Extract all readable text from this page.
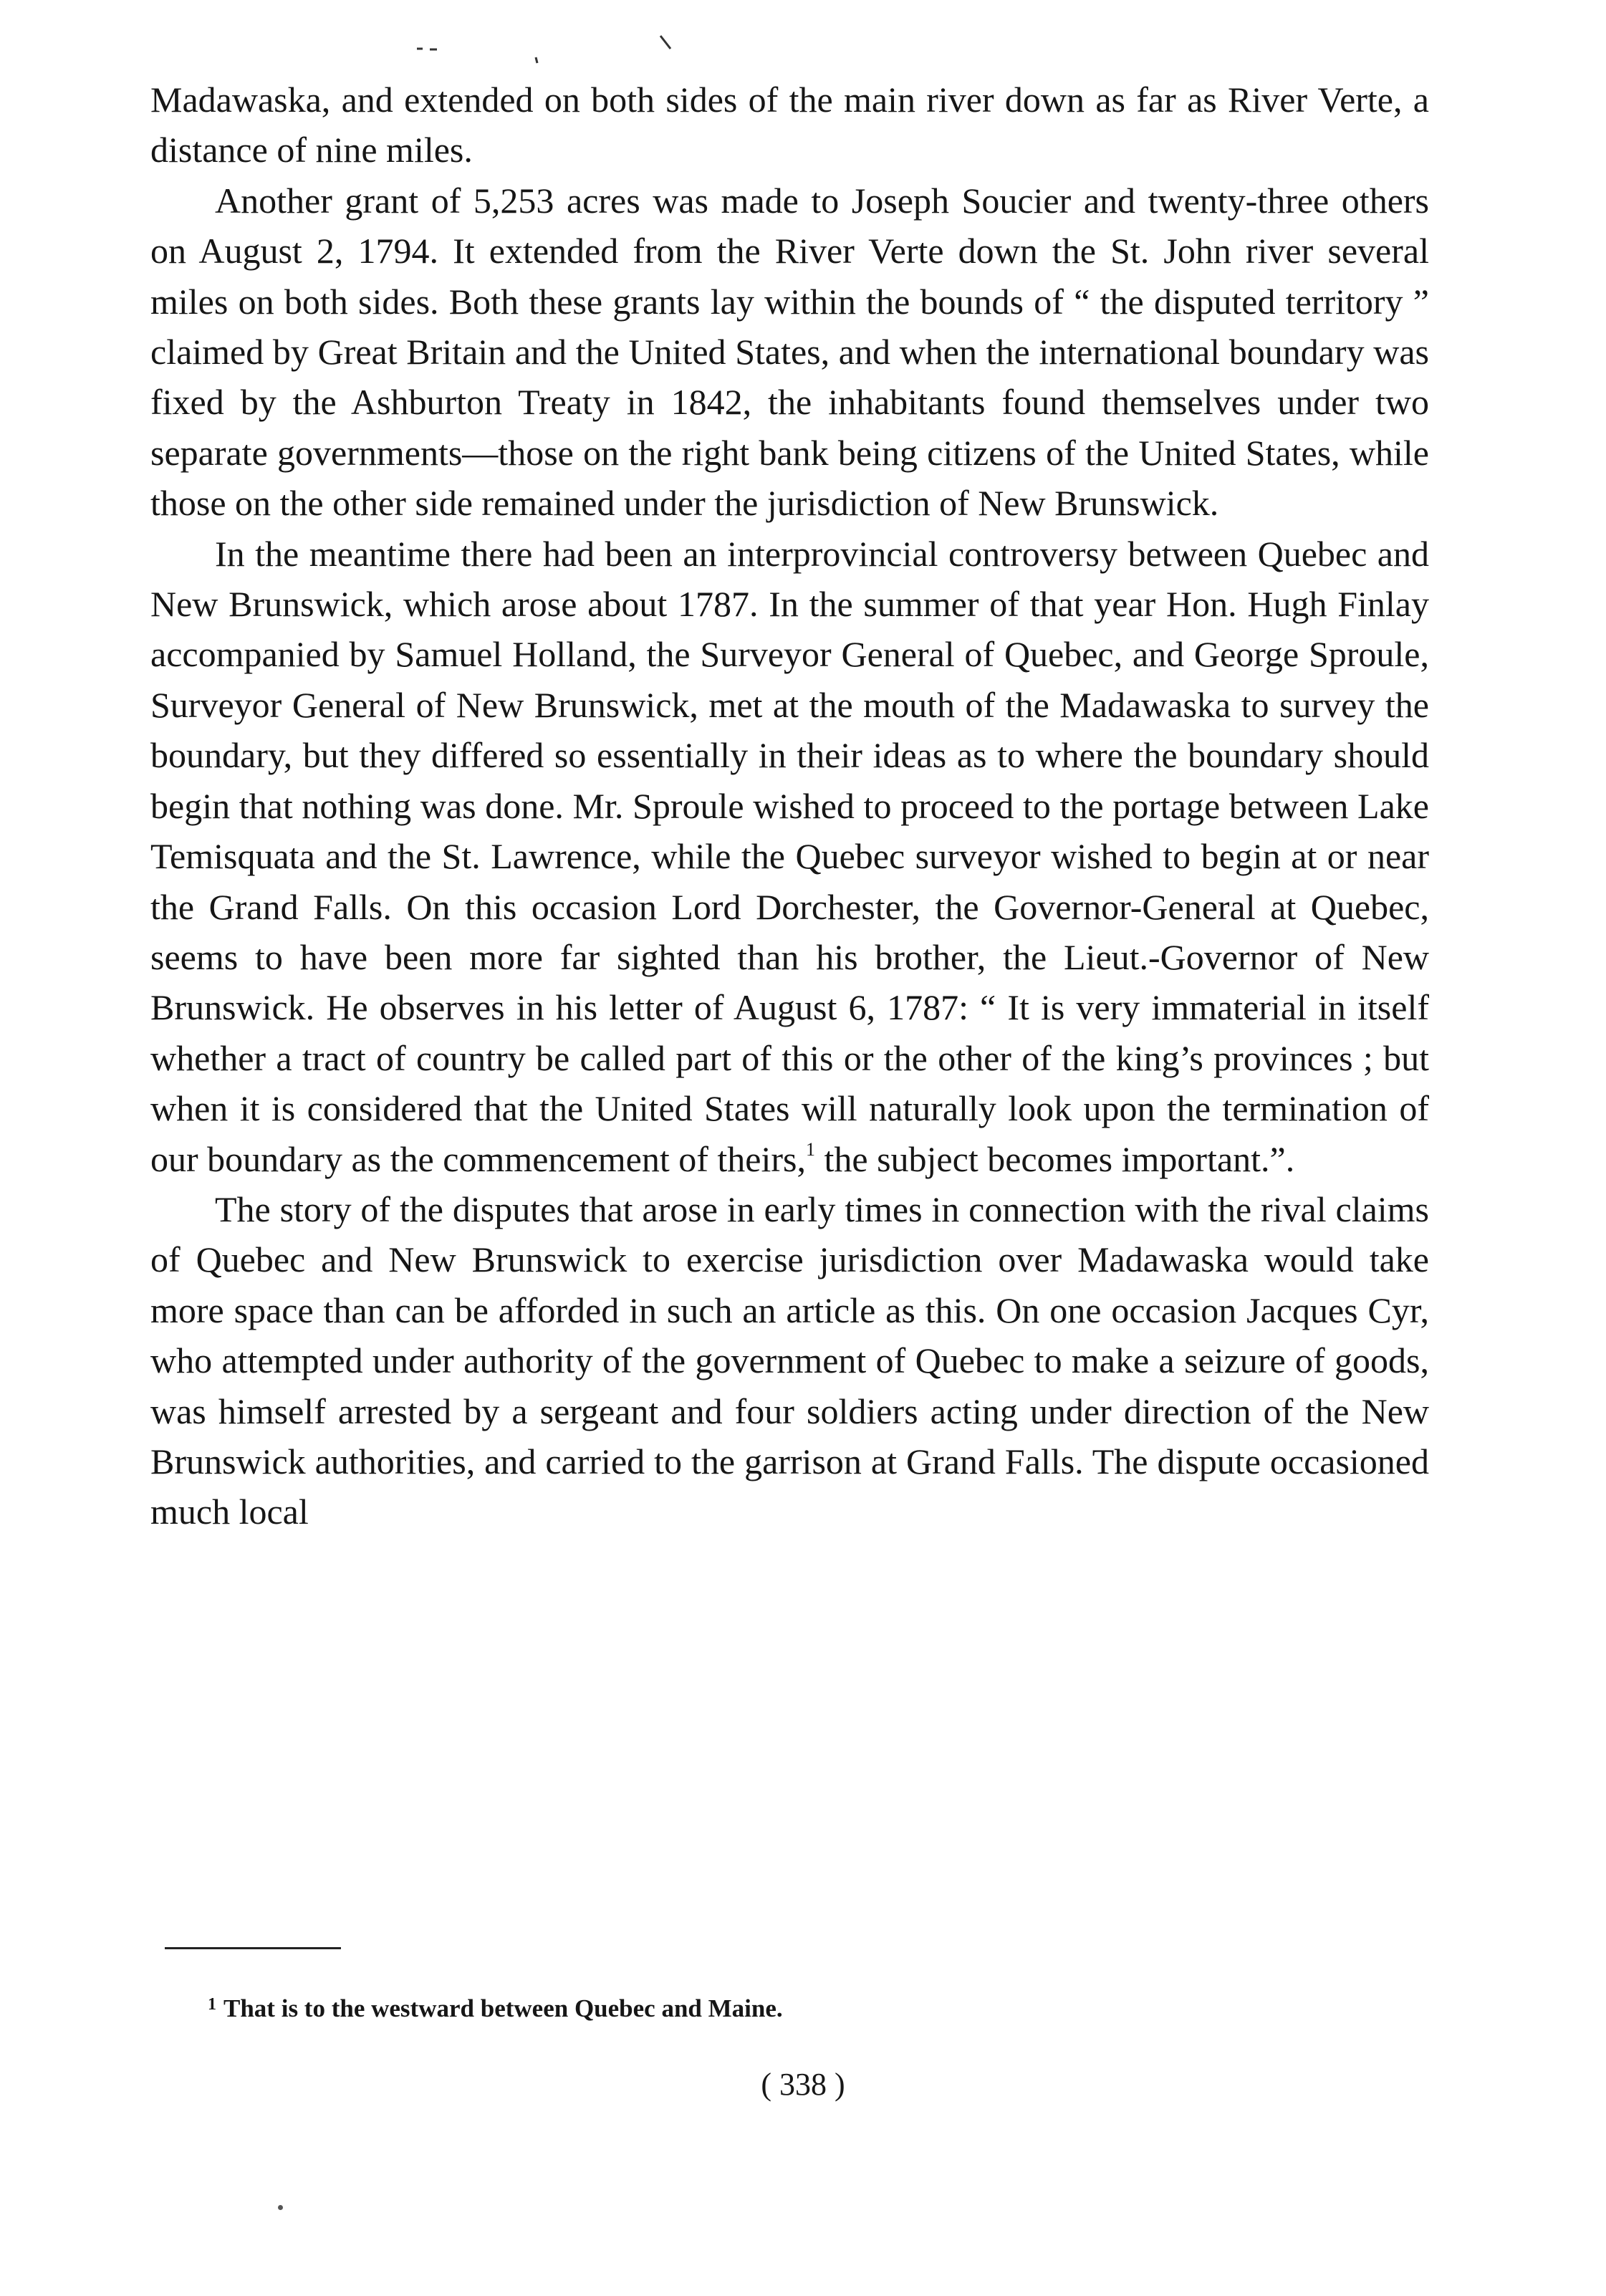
Madawaska, and extended on both sides of the main river down as far as River Verte, a distance of nine miles.

Another grant of 5,253 acres was made to Joseph Soucier and twenty-three others on August 2, 1794. It extended from the River Verte down the St. John river several miles on both sides. Both these grants lay within the bounds of “ the disputed territory ” claimed by Great Britain and the United States, and when the international boundary was fixed by the Ashburton Treaty in 1842, the inhabitants found themselves under two separate governments—those on the right bank being citizens of the United States, while those on the other side remained under the jurisdiction of New Brunswick.

In the meantime there had been an interprovincial controversy between Quebec and New Brunswick, which arose about 1787. In the summer of that year Hon. Hugh Finlay accompanied by Samuel Holland, the Surveyor General of Quebec, and George Sproule, Surveyor General of New Brunswick, met at the mouth of the Madawaska to survey the boundary, but they differed so essentially in their ideas as to where the boundary should begin that nothing was done. Mr. Sproule wished to proceed to the portage between Lake Temisquata and the St. Lawrence, while the Quebec surveyor wished to begin at or near the Grand Falls. On this occasion Lord Dorchester, the Governor-General at Quebec, seems to have been more far sighted than his brother, the Lieut.-Governor of New Brunswick. He observes in his letter of August 6, 1787: “ It is very immaterial in itself whether a tract of country be called part of this or the other of the king’s provinces ; but when it is considered that the United States will naturally look upon the termination of our boundary as the commencement of theirs,$^1$ the subject becomes important.”.

The story of the disputes that arose in early times in connection with the rival claims of Quebec and New Brunswick to exercise jurisdiction over Madawaska would take more space than can be afforded in such an article as this. On one occasion Jacques Cyr, who attempted under authority of the government of Quebec to make a seizure of goods, was himself arrested by a sergeant and four soldiers acting under direction of the New Brunswick authorities, and carried to the garrison at Grand Falls. The dispute occasioned much local

$^1$ That is to the westward between Quebec and Maine.

( 338 )
